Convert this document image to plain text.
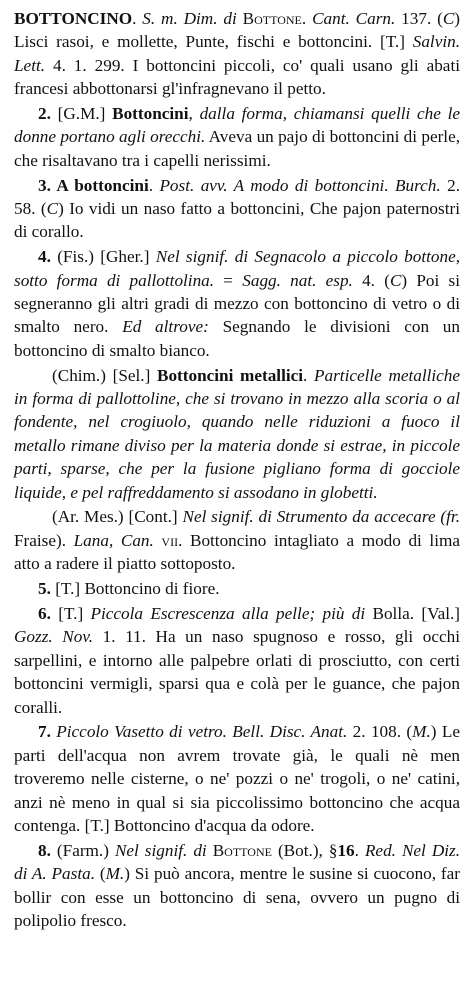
BOTTONCINO. S. m. Dim. di Bottone. Cant. Carn. 137. (C) Lisci rasoi, e mollette, Punte, fischi e bottoncini. [T.] Salvin. Lett. 4. 1. 299. I bottoncini piccoli, co' quali usano gli abati francesi abbottonarsi gl'infragnevano il petto.

2. [G.M.] Bottoncini, dalla forma, chiamansi quelli che le donne portano agli orecchi. Aveva un pajo di bottoncini di perle, che risaltavano tra i capelli nerissimi.

3. A bottoncini. Post. avv. A modo di bottoncini. Burch. 2. 58. (C) Io vidi un naso fatto a bottoncini, Che pajon paternostri di corallo.

4. (Fis.) [Gher.] Nel signif. di Segnacolo a piccolo bottone, sotto forma di pallottolina. = Sagg. nat. esp. 4. (C) Poi si segneranno gli altri gradi di mezzo con bottoncino di vetro o di smalto nero. Ed altrove: Segnando le divisioni con un bottoncino di smalto bianco.

(Chim.) [Sel.] Bottoncini metallici. Particelle metalliche in forma di pallottoline, che si trovano in mezzo alla scoria o al fondente, nel crogiuolo, quando nelle riduzioni a fuoco il metallo rimane diviso per la materia donde si estrae, in piccole parti, sparse, che per la fusione pigliano forma di gocciole liquide, e pel raffreddamento si assodano in globetti.

(Ar. Mes.) [Cont.] Nel signif. di Strumento da accecare (fr. Fraise). Lana, Can. vii. Bottoncino intagliato a modo di lima atto a radere il piatto sottoposto.

5. [T.] Bottoncino di fiore.

6. [T.] Piccola Escrescenza alla pelle; più di Bolla. [Val.] Gozz. Nov. 1. 11. Ha un naso spugnoso e rosso, gli occhi sarpellini, e intorno alle palpebre orlati di prosciutto, con certi bottoncini vermigli, sparsi qua e colà per le guance, che pajon coralli.

7. Piccolo Vasetto di vetro. Bell. Disc. Anat. 2. 108. (M.) Le parti dell'acqua non avrem trovate già, le quali nè men troveremo nelle cisterne, o ne' pozzi o ne' trogoli, o ne' catini, anzi nè meno in qual si sia piccolissimo bottoncino che acqua contenga. [T.] Bottoncino d'acqua da odore.

8. (Farm.) Nel signif. di Bottone (Bot.), §16. Red. Nel Diz. di A. Pasta. (M.) Si può ancora, mentre le susine si cuocono, far bollir con esse un bottoncino di sena, ovvero un pugno di polipolio fresco.
